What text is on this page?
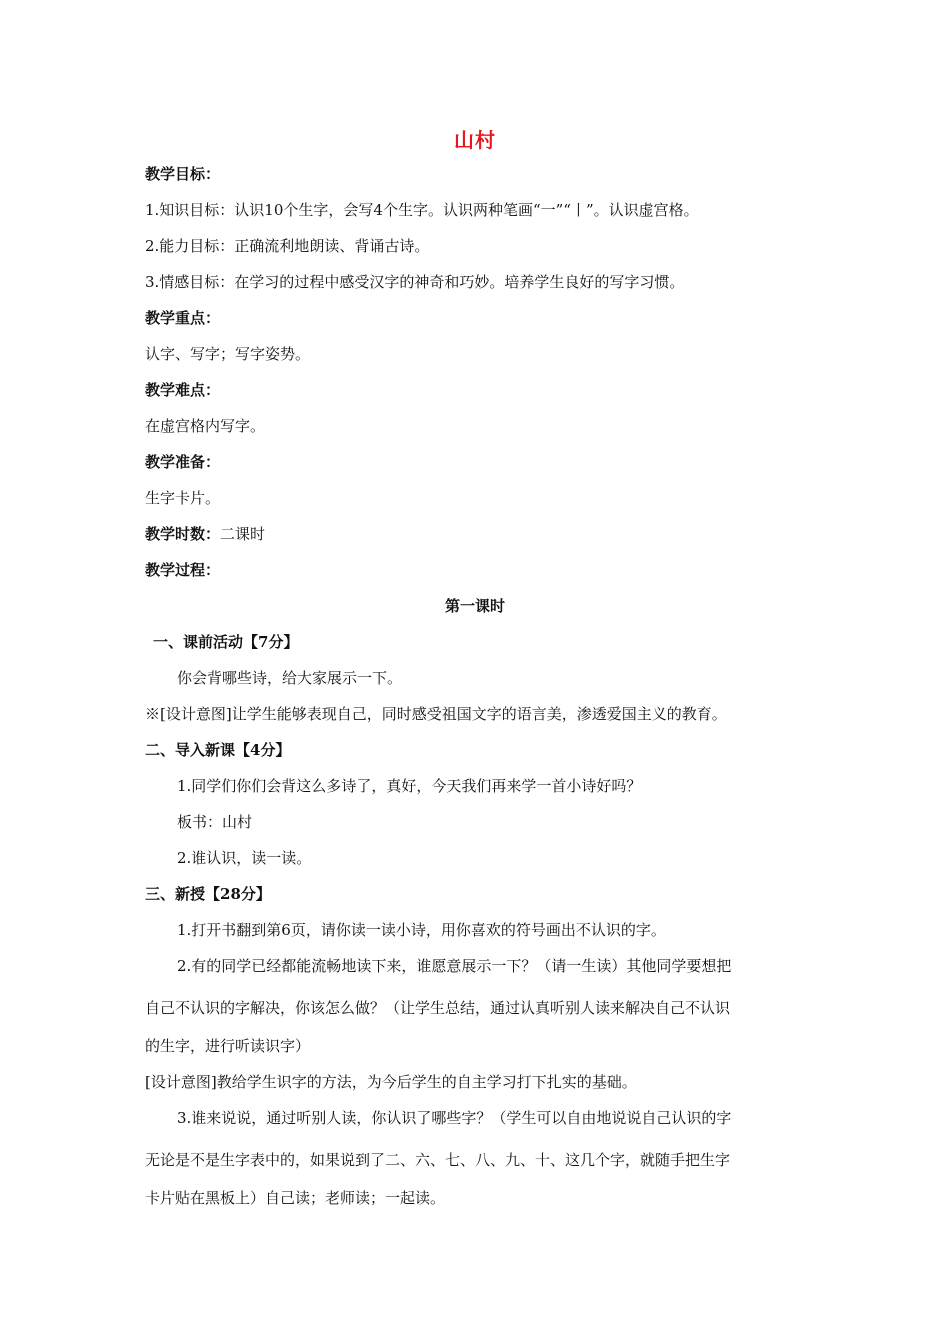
山村
教学目标：
1.知识目标：认识10个生字，会写4个生字。认识两种笔画“一”“丨”。认识虚宫格。
2.能力目标：正确流利地朗读、背诵古诗。
3.情感目标：在学习的过程中感受汉字的神奇和巧妙。培养学生良好的写字习惯。
教学重点：
认字、写字；写字姿势。
教学难点：
在虚宫格内写字。
教学准备：
生字卡片。
教学过程：
第一课时
一、课前活动【7分】
你会背哪些诗，给大家展示一下。
※[设计意图]让学生能够表现自己，同时感受祖国文字的语言美，渗透爱国主义的教育。
二、导入新课【4分】
1.同学们你们会背这么多诗了，真好，今天我们再来学一首小诗好吗？
板书：山村
2.谁认识，读一读。
三、新授【28分】
1.打开书翻到第6页，请你读一读小诗，用你喜欢的符号画出不认识的字。
2.有的同学已经都能流畅地读下来，谁愿意展示一下？（请一生读）其他同学要想把
自己不认识的字解决，你该怎么做？（让学生总结，通过认真听别人读来解决自己不认识
的生字，进行听读识字）
[设计意图]教给学生识字的方法，为今后学生的自主学习打下扎实的基础。
3.谁来说说，通过听别人读，你认识了哪些字？（学生可以自由地说说自己认识的字
无论是不是生字表中的，如果说到了二、六、七、八、九、十、这几个字，就随手把生字
卡片贴在黑板上）自己读；老师读；一起读。
教学时数：二课时
